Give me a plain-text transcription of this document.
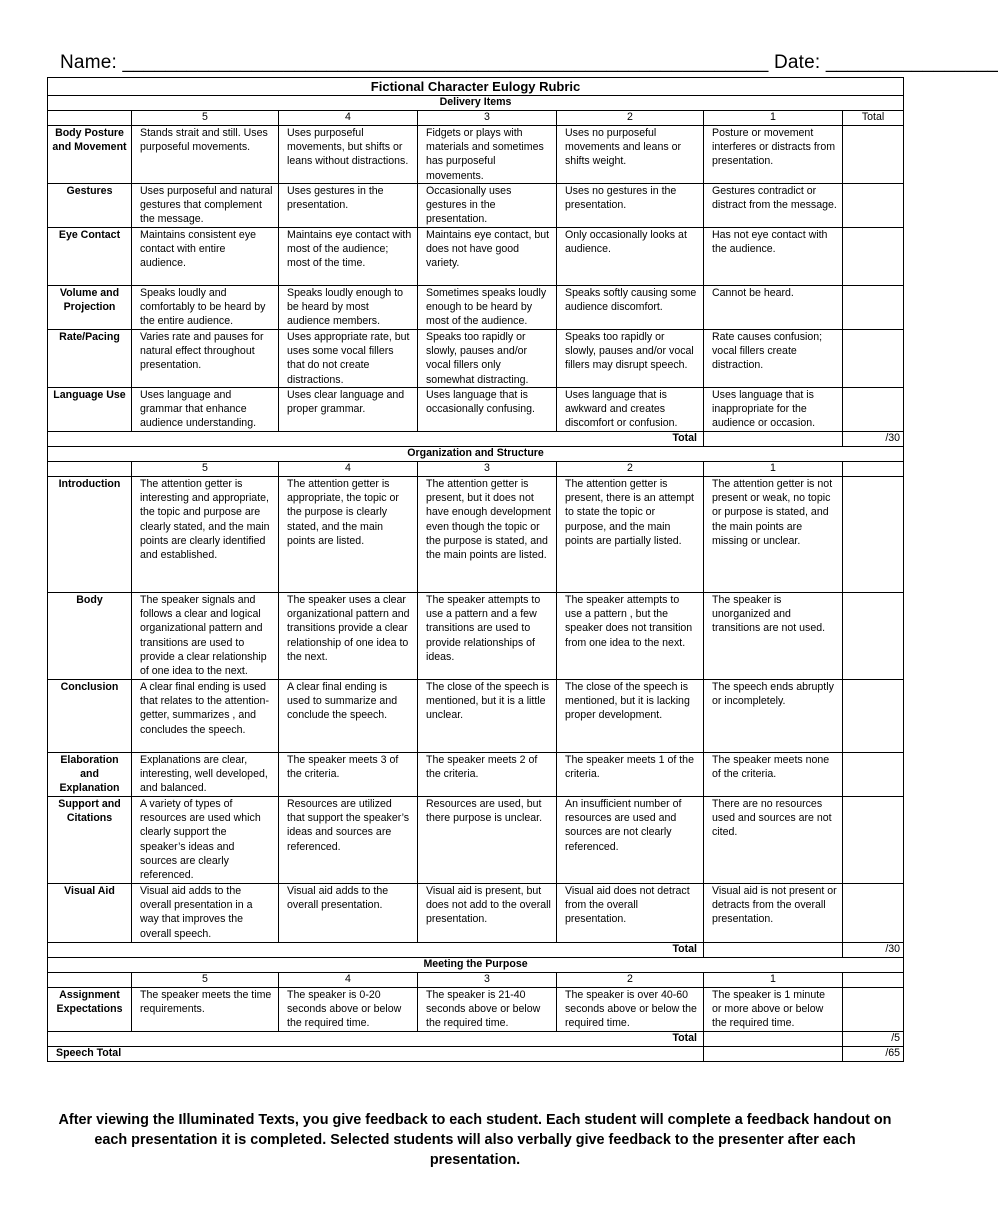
Name: ____________________________________________________________ Date: ________________
Fictional Character Eulogy Rubric						
Delivery Items						
	5	4	3	2	1	Total
Body Posture and Movement	Stands strait and still. Uses purposeful movements.	Uses purposeful movements, but shifts or leans without distractions.	Fidgets or plays with materials and sometimes has purposeful movements.	Uses no purposeful movements and leans or shifts weight.	Posture or movement interferes or distracts from presentation.	
Gestures	Uses purposeful and natural gestures that complement the message.	Uses gestures in the presentation.	Occasionally uses gestures in the presentation.	Uses no gestures in the presentation.	Gestures contradict or distract from the message.	
Eye Contact	Maintains consistent eye contact with entire audience.	Maintains eye contact with most of the audience; most of the time.	Maintains eye contact, but does not have good variety.	Only occasionally looks at audience.	Has not eye contact with the audience.	
Volume and Projection	Speaks loudly and comfortably to be heard by the entire audience.	Speaks loudly enough to be heard by most audience members.	Sometimes speaks loudly enough to be heard by most of the audience.	Speaks softly causing some audience discomfort.	Cannot be heard.	
Rate/Pacing	Varies rate and pauses for natural effect throughout presentation.	Uses appropriate rate, but uses some vocal fillers that do not create distractions.	Speaks too rapidly or slowly, pauses and/or vocal fillers only somewhat distracting.	Speaks too rapidly or slowly, pauses and/or vocal fillers may disrupt speech.	Rate causes confusion; vocal fillers create distraction.	
Language Use	Uses language and grammar that enhance audience understanding.	Uses clear language and proper grammar.	Uses language that is occasionally confusing.	Uses language that is awkward and creates discomfort or confusion.	Uses language that is inappropriate for the audience or occasion.	
Total						/30
Organization and Structure						
	5	4	3	2	1	
Introduction	The attention getter is interesting and appropriate, the topic and purpose are clearly stated, and the main points are clearly identified and established.	The attention getter is appropriate, the topic or the purpose is clearly stated, and the main points are listed.	The attention getter is present, but it does not have enough development even though the topic or the purpose is stated, and the main points are listed.	The attention getter is present, there is an attempt to state the topic or purpose, and the main points are partially listed.	The attention getter is not present or weak, no topic or purpose is stated, and the main points are missing or unclear.	
Body	The speaker signals and follows a clear and logical organizational pattern and transitions are used to provide a clear relationship of one idea to the next.	The speaker uses a clear organizational pattern and transitions provide a clear relationship of one idea to the next.	The speaker attempts to use a pattern and a few transitions are used to provide relationships of ideas.	The speaker attempts to use a pattern , but the speaker does not transition from one idea to the next.	The speaker is unorganized and transitions are not used.	
Conclusion	A clear final ending is used that relates to the attention-getter, summarizes , and concludes the speech.	A clear final ending is used to summarize and conclude the speech.	The close of the speech is mentioned, but it is a little unclear.	The close of the speech is mentioned, but it is lacking proper development.	The speech ends abruptly or incompletely.	
Elaboration and Explanation	Explanations are clear, interesting, well developed, and balanced.	The speaker meets 3 of the criteria.	The speaker meets 2 of the criteria.	The speaker meets 1 of the criteria.	The speaker meets none of the criteria.	
Support and Citations	A variety of types of resources are used which clearly support the speaker’s ideas and sources are clearly referenced.	Resources are utilized that support the speaker’s ideas and sources are referenced.	Resources are used, but there purpose is unclear.	An insufficient number of resources are used and sources are not clearly referenced.	There are no resources used and sources are not cited.	
Visual Aid	Visual aid adds to the overall presentation in a way that improves the overall speech.	Visual aid adds to the overall presentation.	Visual aid is present, but does not add to the overall presentation.	Visual aid does not detract from the overall presentation.	Visual aid is not present or detracts from the overall presentation.	
Total						/30
Meeting the Purpose						
	5	4	3	2	1	
Assignment Expectations	The speaker meets the time requirements.	The speaker is 0-20 seconds above or below the required time.	The speaker is 21-40 seconds above or below the required time.	The speaker is over 40-60 seconds above or below the required time.	The speaker is 1 minute or more above or below the required time.	
Total						/5
Speech Total						/65
After viewing the Illuminated Texts, you give feedback to each student. Each student will complete a feedback handout on each presentation it is completed. Selected students will also verbally give feedback to the presenter after each presentation.
